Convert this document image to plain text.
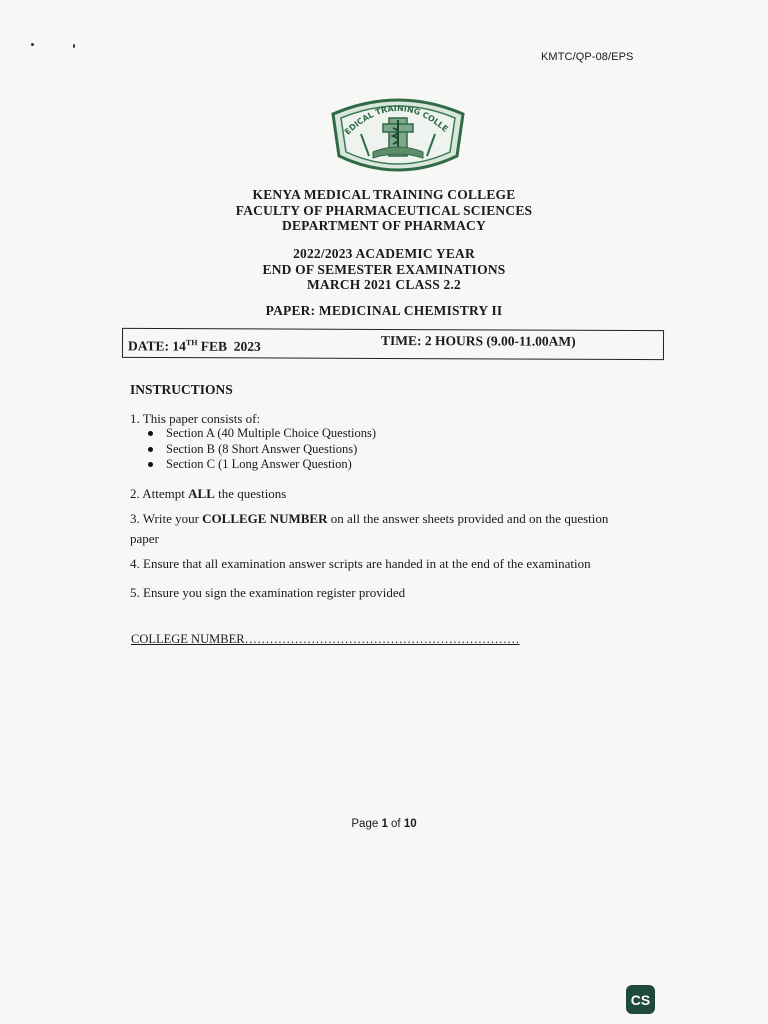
KMTC/QP-08/EPS
EDICAL TRAINING COLLE
KENYA MEDICAL TRAINING COLLEGE
FACULTY OF PHARMACEUTICAL SCIENCES
DEPARTMENT OF PHARMACY
2022/2023 ACADEMIC YEAR
END OF SEMESTER EXAMINATIONS
MARCH 2021 CLASS 2.2
PAPER: MEDICINAL CHEMISTRY II
DATE: 14TH FEB  2023	TIME: 2 HOURS (9.00-11.00AM)
INSTRUCTIONS
1. This paper consists of:
Section A (40 Multiple Choice Questions)
Section B (8 Short Answer Questions)
Section C (1 Long Answer Question)
2. Attempt ALL the questions
3. Write your COLLEGE NUMBER on all the answer sheets provided and on the question
paper
4. Ensure that all examination answer scripts are handed in at the end of the examination
5. Ensure you sign the examination register provided
COLLEGE NUMBER…………………………………………………………
Page 1 of 10
CS
